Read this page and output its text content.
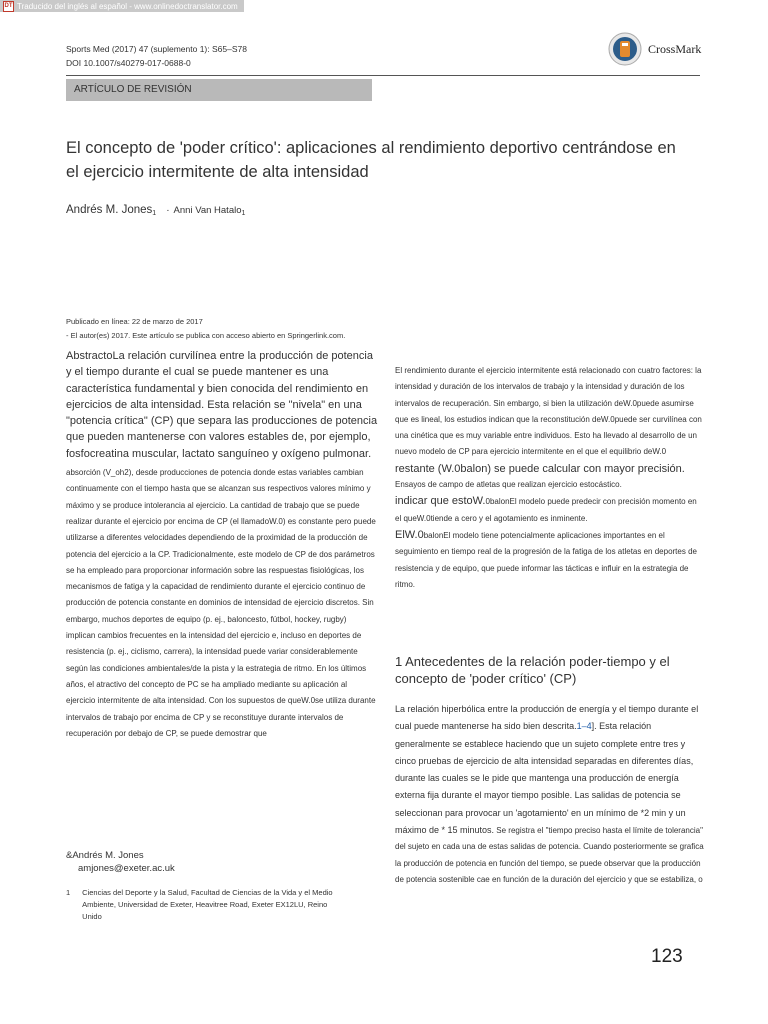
DT Traducido del inglés al español - www.onlinedoctranslator.com
Sports Med (2017) 47 (suplemento 1): S65–S78
DOI 10.1007/s40279-017-0688-0
CrossMark
ARTÍCULO DE REVISIÓN
El concepto de 'poder crítico': aplicaciones al rendimiento deportivo centrándose en el ejercicio intermitente de alta intensidad
Andrés M. Jones$^1$ · Anni Van Hatalo$^1$
Publicado en línea: 22 de marzo de 2017
- El autor(es) 2017. Este artículo se publica con acceso abierto en Springerlink.com.
AbstractoLa relación curvilínea entre la producción de potencia y el tiempo durante el cual se puede mantener es una característica fundamental y bien conocida del rendimiento en ejercicios de alta intensidad. Esta relación se "nivela" en una "potencia crítica" (CP) que separa las producciones de potencia que pueden mantenerse con valores estables de, por ejemplo, fosfocreatina muscular, lactato sanguíneo y oxígeno pulmonar.
absorción (V_oh2), desde producciones de potencia donde estas variables cambian continuamente con el tiempo hasta que se alcanzan sus respectivos valores mínimo y máximo y se produce intolerancia al ejercicio. La cantidad de trabajo que se puede realizar durante el ejercicio por encima de CP (el llamadoW.0) es constante pero puede utilizarse a diferentes velocidades dependiendo de la proximidad de la producción de potencia del ejercicio a la CP. Tradicionalmente, este modelo de CP de dos parámetros se ha empleado para proporcionar información sobre las respuestas fisiológicas, los mecanismos de fatiga y la capacidad de rendimiento durante el ejercicio continuo de producción de potencia constante en dominios de intensidad de ejercicio discretos. Sin embargo, muchos deportes de equipo (p. ej., baloncesto, fútbol, hockey, rugby) implican cambios frecuentes en la intensidad del ejercicio e, incluso en deportes de resistencia (p. ej., ciclismo, carrera), la intensidad puede variar considerablemente según las condiciones ambientales/de la pista y la estrategia de ritmo. En los últimos años, el atractivo del concepto de PC se ha ampliado mediante su aplicación al ejercicio intermitente de alta intensidad. Con los supuestos de queW.0se utiliza durante intervalos de trabajo por encima de CP y se reconstituye durante intervalos de recuperación por debajo de CP, se puede demostrar que
El rendimiento durante el ejercicio intermitente está relacionado con cuatro factores: la intensidad y duración de los intervalos de trabajo y la intensidad y duración de los intervalos de recuperación. Sin embargo, si bien la utilización deW.0puede asumirse que es lineal, los estudios indican que la reconstitución deW.0puede ser curvilínea con una cinética que es muy variable entre individuos. Esto ha llevado al desarrollo de un nuevo modelo de CP para ejercicio intermitente en el que el equilibrio deW.0
restante (W.0balon) se puede calcular con mayor precisión.
Ensayos de campo de atletas que realizan ejercicio estocástico.
indicar que estoW.0balonEl modelo puede predecir con precisión momento en el queW.0tiende a cero y el agotamiento es inminente.
ElW.0balonEl modelo tiene potencialmente aplicaciones importantes en el seguimiento en tiempo real de la progresión de la fatiga de los atletas en deportes de resistencia y de equipo, que puede informar las tácticas e influir en la estrategia de ritmo.
1 Antecedentes de la relación poder-tiempo y el concepto de 'poder crítico' (CP)
La relación hiperbólica entre la producción de energía y el tiempo durante el cual puede mantenerse ha sido bien descrita.1–4]. Esta relación generalmente se establece haciendo que un sujeto complete entre tres y cinco pruebas de ejercicio de alta intensidad separadas en diferentes días, durante las cuales se le pide que mantenga una producción de energía externa fija durante el mayor tiempo posible. Las salidas de potencia se seleccionan para provocar un 'agotamiento' en un mínimo de *2 min y un máximo de * 15 minutos. Se registra el "tiempo preciso hasta el límite de tolerancia" del sujeto en cada una de estas salidas de potencia. Cuando posteriormente se grafica la producción de potencia en función del tiempo, se puede observar que la producción de potencia sostenible cae en función de la duración del ejercicio y que se estabiliza, o
&Andrés M. Jones
amjones@exeter.ac.uk
1 Ciencias del Deporte y la Salud, Facultad de Ciencias de la Vida y el Medio Ambiente, Universidad de Exeter, Heavitree Road, Exeter EX12LU, Reino Unido
123
